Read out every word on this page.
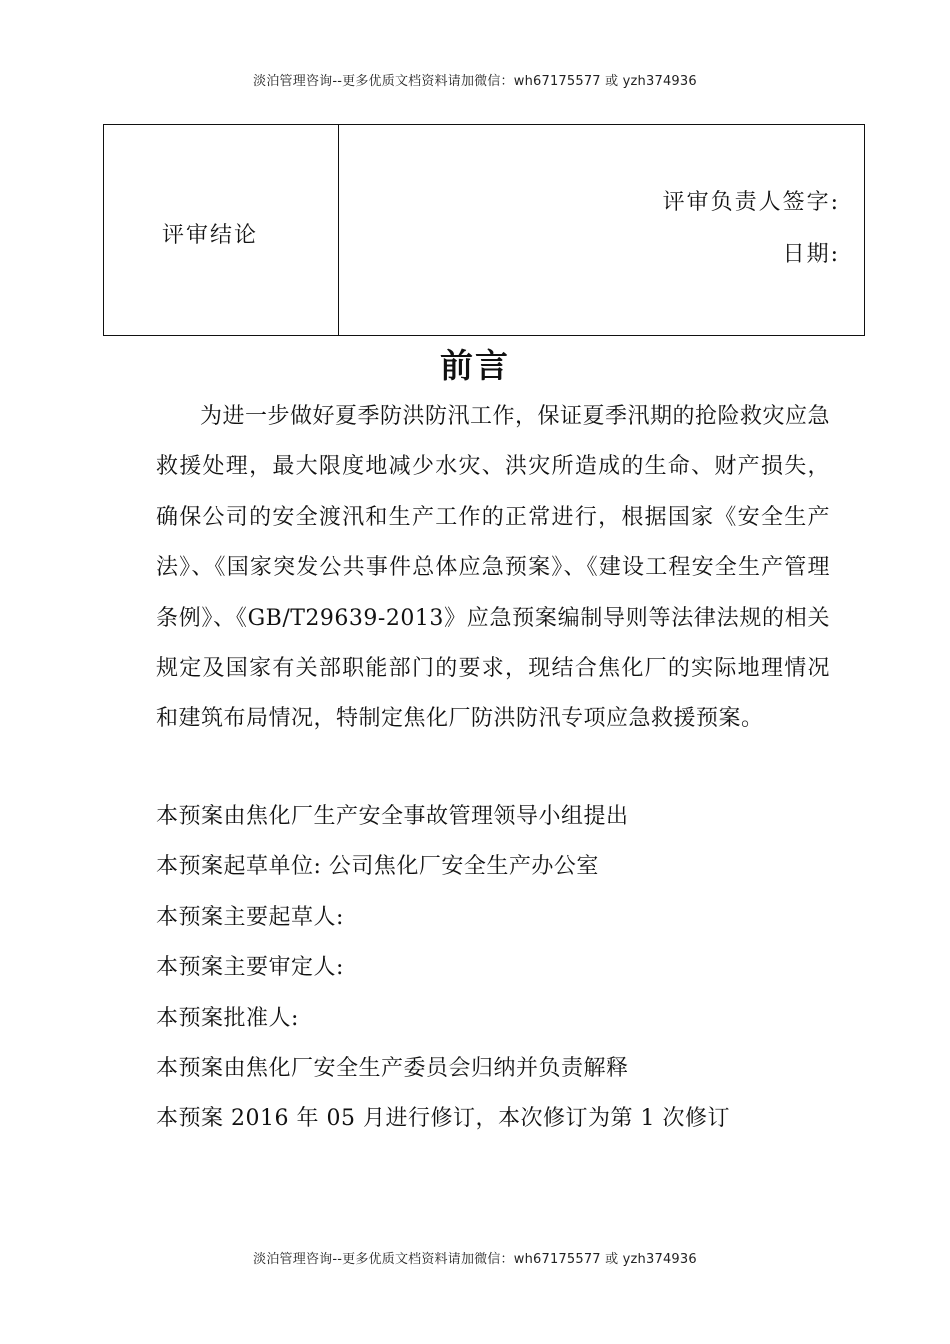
淡泊管理咨询--更多优质文档资料请加微信：wh67175577 或 yzh374936
评审结论	
评审负责人签字:
日期:
前言

为进一步做好夏季防洪防汛工作，保证夏季汛期的抢险救灾应急救援处理，最大限度地减少水灾、洪灾所造成的生命、财产损失，确保公司的安全渡汛和生产工作的正常进行，根据国家《安全生产法》、《国家突发公共事件总体应急预案》、《建设工程安全生产管理条例》、《GB/T29639-2013》应急预案编制导则等法律法规的相关规定及国家有关部职能部门的要求，现结合焦化厂的实际地理情况和建筑布局情况，特制定焦化厂防洪防汛专项应急救援预案。

本预案由焦化厂生产安全事故管理领导小组提出
本预案起草单位: 公司焦化厂安全生产办公室
本预案主要起草人:
本预案主要审定人:
本预案批准人:
本预案由焦化厂安全生产委员会归纳并负责解释
本预案 2016 年 05 月进行修订，本次修订为第 1 次修订
淡泊管理咨询--更多优质文档资料请加微信：wh67175577 或 yzh374936
